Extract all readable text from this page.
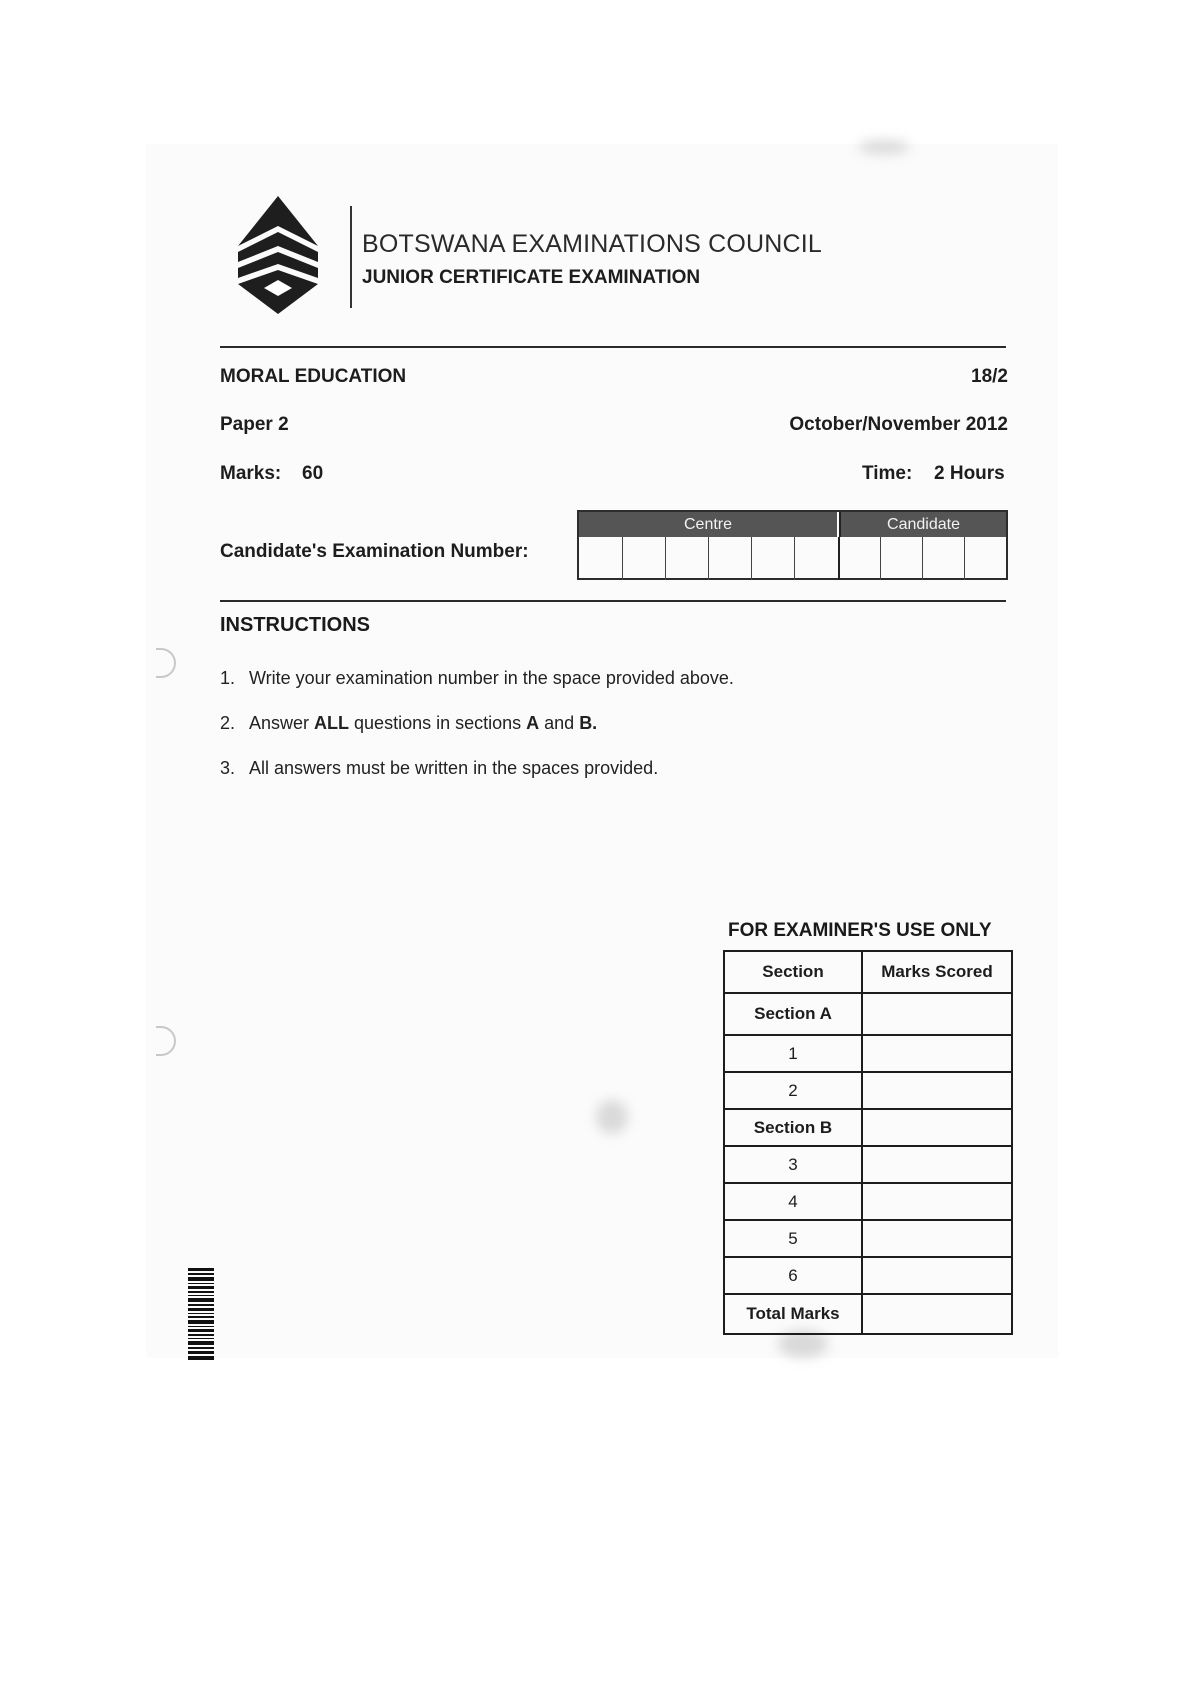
BOTSWANA EXAMINATIONS COUNCIL
JUNIOR CERTIFICATE EXAMINATION
MORAL EDUCATION	18/2
Paper 2	October/November 2012
Marks: 60	Time: 2 Hours
Candidate's Examination Number:
Centre	Candidate
INSTRUCTIONS
1. Write your examination number in the space provided above.
2. Answer ALL questions in sections A and B.
3. All answers must be written in the spaces provided.
FOR EXAMINER'S USE ONLY
Section	Marks Scored
Section A	
1	
2	
Section B	
3	
4	
5	
6	
Total Marks	
